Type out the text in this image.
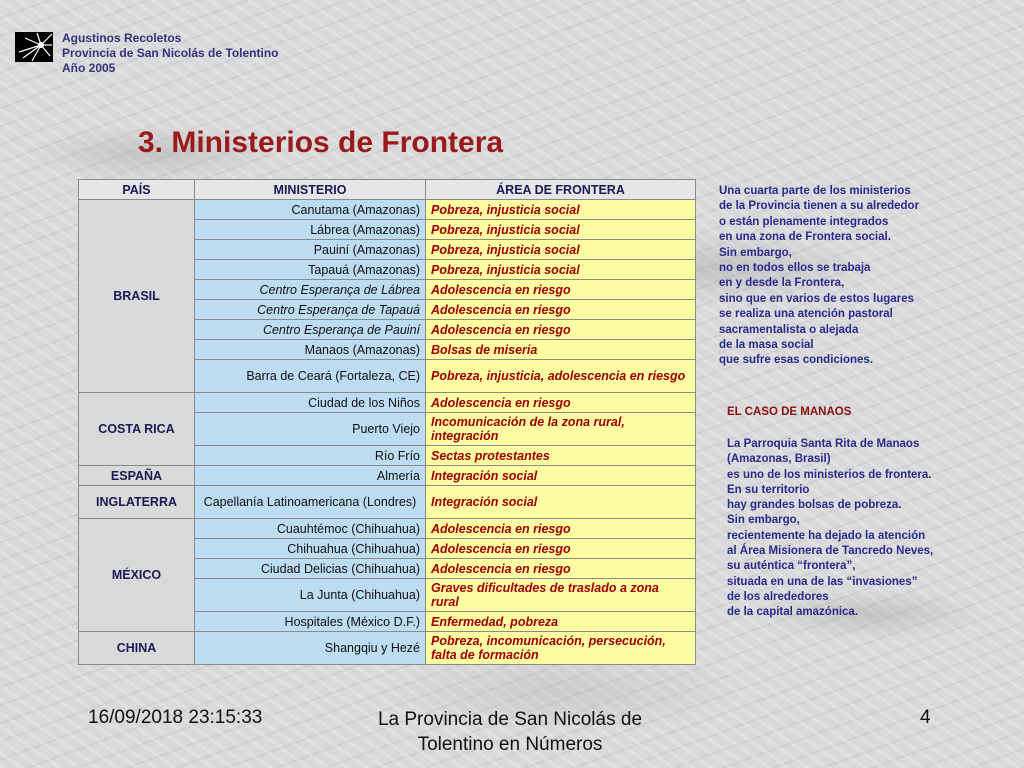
Agustinos Recoletos
Provincia de San Nicolás de Tolentino
Año 2005
3. Ministerios de Frontera
PAÍS	MINISTERIO	ÁREA DE FRONTERA
BRASIL	Canutama (Amazonas)	Pobreza, injusticia social
	Lábrea (Amazonas)	Pobreza, injusticia social
	Pauiní (Amazonas)	Pobreza, injusticia social
	Tapauá (Amazonas)	Pobreza, injusticia social
	Centro Esperança de Lábrea	Adolescencia en riesgo
	Centro Esperança de Tapauá	Adolescencia en riesgo
	Centro Esperança de Pauiní	Adolescencia en riesgo
	Manaos (Amazonas)	Bolsas de miseria
	Barra de Ceará (Fortaleza, CE)	Pobreza, injusticia, adolescencia en riesgo
COSTA RICA	Ciudad de los Niños	Adolescencia en riesgo
	Puerto Viejo	Incomunicación de la zona rural, integración
	Río Frío	Sectas protestantes
ESPAÑA	Almería	Integración social
INGLATERRA	Capellanía Latinoamericana (Londres)	Integración social
MÉXICO	Cuauhtémoc (Chihuahua)	Adolescencia en riesgo
	Chihuahua (Chihuahua)	Adolescencia en riesgo
	Ciudad Delicias (Chihuahua)	Adolescencia en riesgo
	La Junta (Chihuahua)	Graves dificultades de traslado a zona rural
	Hospitales (México D.F.)	Enfermedad, pobreza
CHINA	Shangqiu y Hezé	Pobreza, incomunicación, persecución, falta de formación
Una cuarta parte de los ministerios
de la Provincia tienen a su alrededor
o están plenamente integrados
en una zona de Frontera social.
Sin embargo,
no en todos ellos se trabaja
en y desde la Frontera,
sino que en varios de estos lugares
se realiza una atención pastoral
sacramentalista o alejada
de la masa social
que sufre esas condiciones.
EL CASO DE MANAOS
La Parroquia Santa Rita de Manaos
(Amazonas, Brasil)
es uno de los ministerios de frontera.
En su territorio
hay grandes bolsas de pobreza.
Sin embargo,
recientemente ha dejado la atención
al Área Misionera de Tancredo Neves,
su auténtica “frontera”,
situada en una de las “invasiones”
de los alrededores
de la capital amazónica.
16/09/2018 23:15:33	La Provincia de San Nicolás de Tolentino en Números
4
